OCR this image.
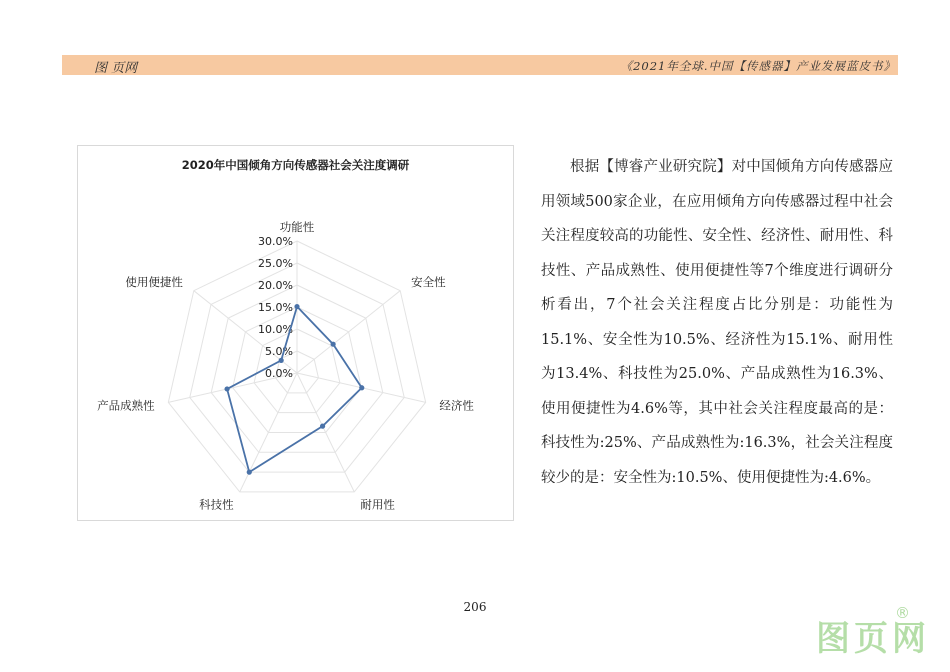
图 页网	《2021年全球.中国【传感器】产业发展蓝皮书》
2020年中国倾角方向传感器社会关注度调研
0.0%
5.0%
10.0%
15.0%
20.0%
25.0%
30.0%
功能性
安全性
经济性
耐用性
科技性
产品成熟性
使用便捷性

根据【博睿产业研究院】对中国倾角方向传感器应用领域500家企业，在应用倾角方向传感器过程中社会关注程度较高的功能性、安全性、经济性、耐用性、科技性、产品成熟性、使用便捷性等7个维度进行调研分析看出，7个社会关注程度占比分别是：功能性为15.1%、安全性为10.5%、经济性为15.1%、耐用性为13.4%、科技性为25.0%、产品成熟性为16.3%、使用便捷性为4.6%等，其中社会关注程度最高的是：科技性为:25%、产品成熟性为:16.3%，社会关注程度较少的是：安全性为:10.5%、使用便捷性为:4.6%。

206
图页网
®
